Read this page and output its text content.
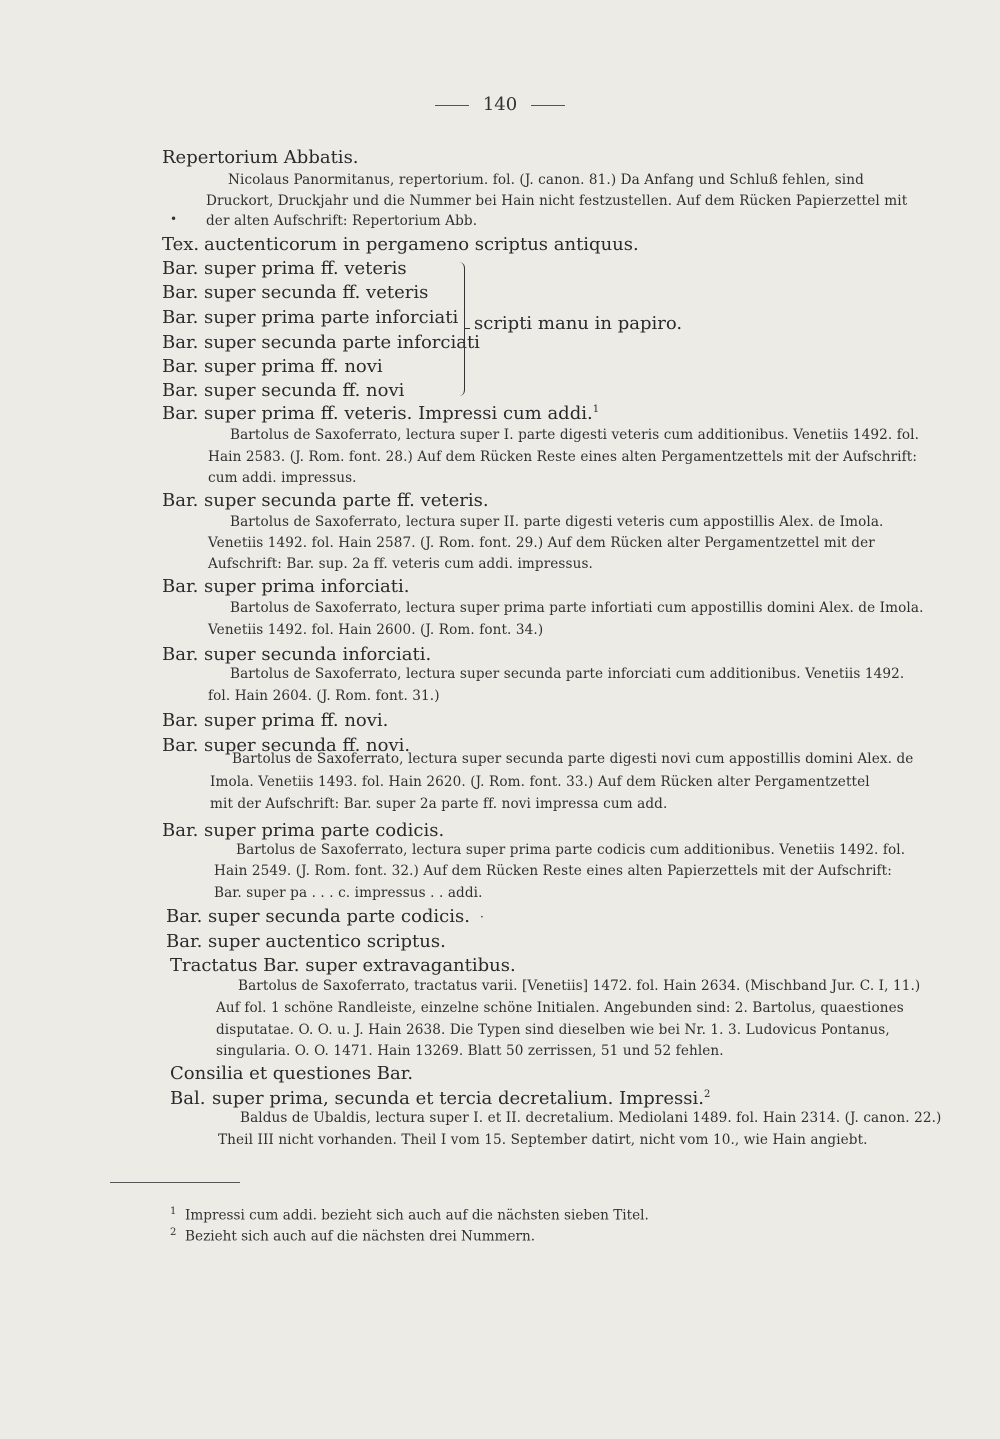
140
Repertorium Abbatis.
Nicolaus Panormitanus, repertorium. fol. (J. canon. 81.) Da Anfang und Schluß fehlen, sind
Druckort, Druckjahr und die Nummer bei Hain nicht festzustellen. Auf dem Rücken Papierzettel mit
der alten Aufschrift: Repertorium Abb.
•
Tex. auctenticorum in pergameno scriptus antiquus.
Bar. super prima ff. veteris
Bar. super secunda ff. veteris
Bar. super prima parte inforciati
Bar. super secunda parte inforciati
Bar. super prima ff. novi
Bar. super secunda ff. novi
scripti manu in papiro.
Bar. super prima ff. veteris. Impressi cum addi.$^1$
Bartolus de Saxoferrato, lectura super I. parte digesti veteris cum additionibus. Venetiis 1492. fol.
Hain 2583. (J. Rom. font. 28.) Auf dem Rücken Reste eines alten Pergamentzettels mit der Aufschrift:
cum addi. impressus.
Bar. super secunda parte ff. veteris.
Bartolus de Saxoferrato, lectura super II. parte digesti veteris cum appostillis Alex. de Imola.
Venetiis 1492. fol. Hain 2587. (J. Rom. font. 29.) Auf dem Rücken alter Pergamentzettel mit der
Aufschrift: Bar. sup. 2a ff. veteris cum addi. impressus.
Bar. super prima inforciati.
Bartolus de Saxoferrato, lectura super prima parte infortiati cum appostillis domini Alex. de Imola.
Venetiis 1492. fol. Hain 2600. (J. Rom. font. 34.)
Bar. super secunda inforciati.
Bartolus de Saxoferrato, lectura super secunda parte inforciati cum additionibus. Venetiis 1492.
fol. Hain 2604. (J. Rom. font. 31.)
Bar. super prima ff. novi.
Bar. super secunda ff. novi.
Bartolus de Saxoferrato, lectura super secunda parte digesti novi cum appostillis domini Alex. de
Imola. Venetiis 1493. fol. Hain 2620. (J. Rom. font. 33.) Auf dem Rücken alter Pergamentzettel
mit der Aufschrift: Bar. super 2a parte ff. novi impressa cum add.
Bar. super prima parte codicis.
Bartolus de Saxoferrato, lectura super prima parte codicis cum additionibus. Venetiis 1492. fol.
Hain 2549. (J. Rom. font. 32.) Auf dem Rücken Reste eines alten Papierzettels mit der Aufschrift:
Bar. super pa . . . c. impressus . . addi.
Bar. super secunda parte codicis. ·
Bar. super auctentico scriptus.
Tractatus Bar. super extravagantibus.
Bartolus de Saxoferrato, tractatus varii. [Venetiis] 1472. fol. Hain 2634. (Mischband Jur. C. I, 11.)
Auf fol. 1 schöne Randleiste, einzelne schöne Initialen. Angebunden sind: 2. Bartolus, quaestiones
disputatae. O. O. u. J. Hain 2638. Die Typen sind dieselben wie bei Nr. 1. 3. Ludovicus Pontanus,
singularia. O. O. 1471. Hain 13269. Blatt 50 zerrissen, 51 und 52 fehlen.
Consilia et questiones Bar.
Bal. super prima, secunda et tercia decretalium. Impressi.$^2$
Baldus de Ubaldis, lectura super I. et II. decretalium. Mediolani 1489. fol. Hain 2314. (J. canon. 22.)
Theil III nicht vorhanden. Theil I vom 15. September datirt, nicht vom 10., wie Hain angiebt.
$^1$ Impressi cum addi. bezieht sich auch auf die nächsten sieben Titel.
$^2$ Bezieht sich auch auf die nächsten drei Nummern.
